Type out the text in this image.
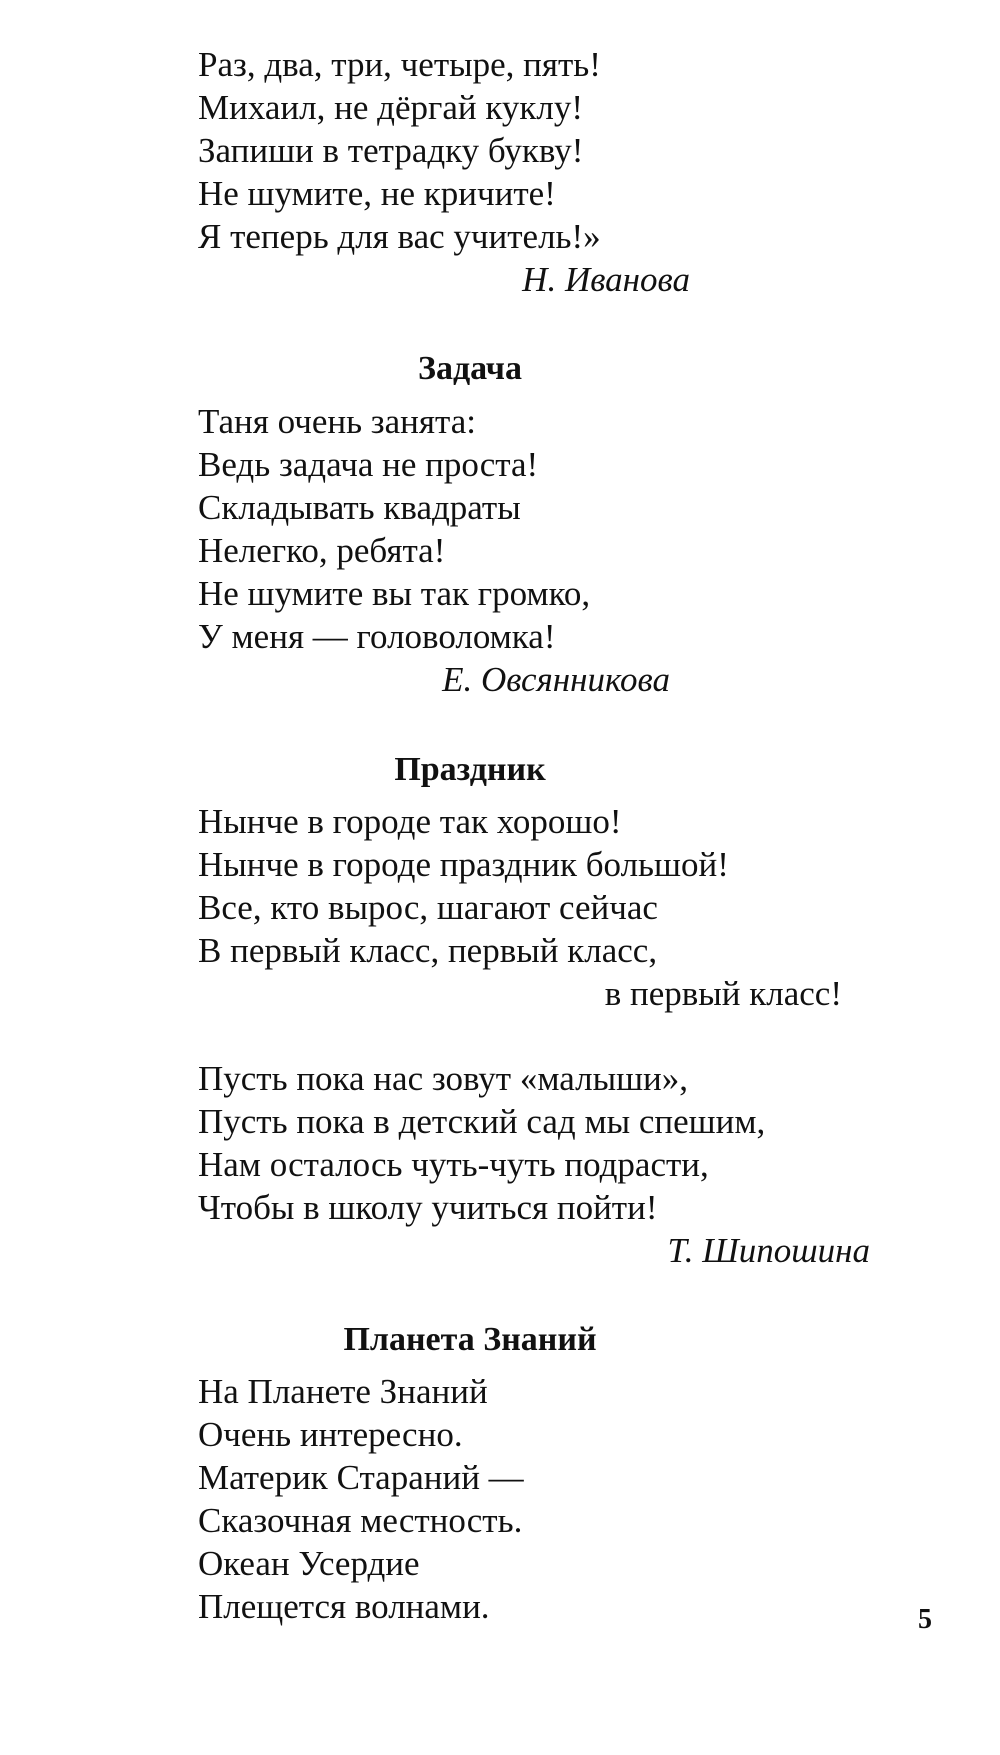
Раз, два, три, четыре, пять!
Михаил, не дёргай куклу!
Запиши в тетрадку букву!
Не шумите, не кричите!
Я теперь для вас учитель!»
Н. Иванова
Задача
Таня очень занята:
Ведь задача не проста!
Складывать квадраты
Нелегко, ребята!
Не шумите вы так громко,
У меня — головоломка!
Е. Овсянникова
Праздник
Нынче в городе так хорошо!
Нынче в городе праздник большой!
Все, кто вырос, шагают сейчас
В первый класс, первый класс,
в первый класс!
Пусть пока нас зовут «малыши»,
Пусть пока в детский сад мы спешим,
Нам осталось чуть-чуть подрасти,
Чтобы в школу учиться пойти!
Т. Шипошина
Планета Знаний
На Планете Знаний
Очень интересно.
Материк Стараний —
Сказочная местность.
Океан Усердие
Плещется волнами.	5
